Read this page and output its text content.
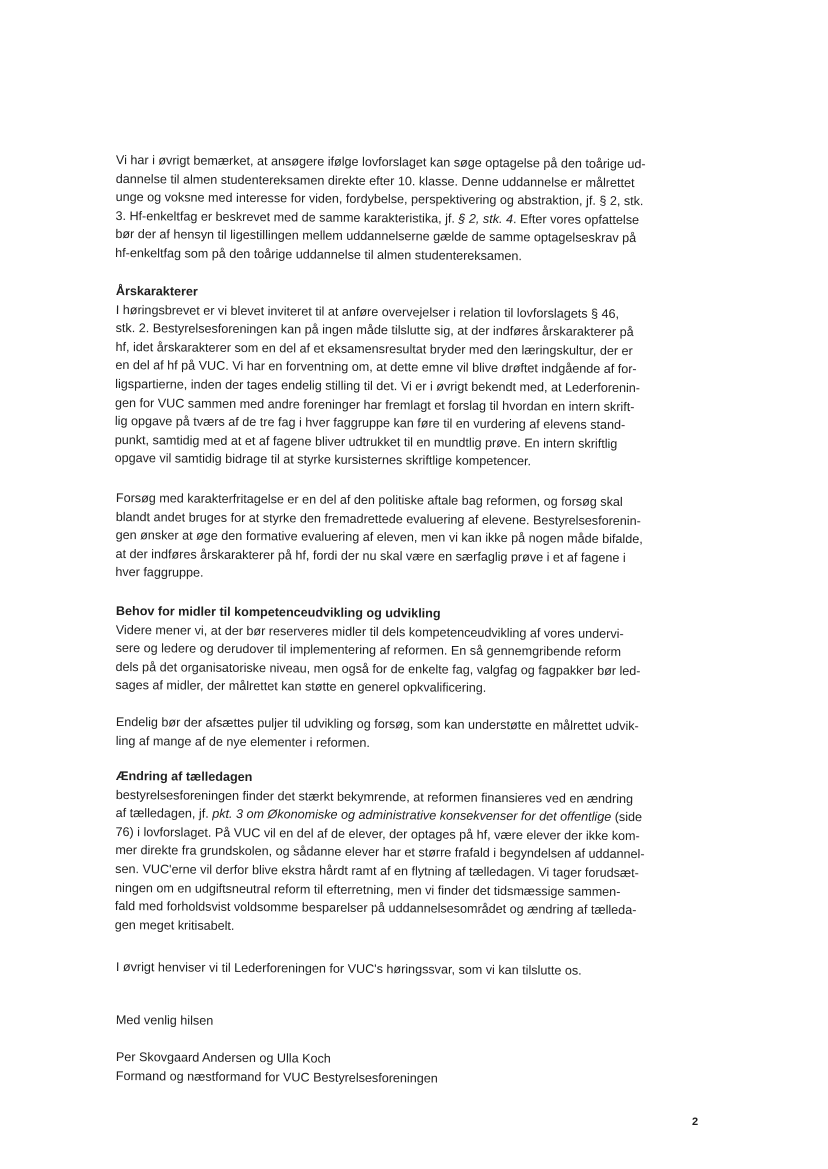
Vi har i øvrigt bemærket, at ansøgere ifølge lovforslaget kan søge optagelse på den toårige ud-
dannelse til almen studentereksamen direkte efter 10. klasse. Denne uddannelse er målrettet
unge og voksne med interesse for viden, fordybelse, perspektivering og abstraktion, jf. § 2, stk.
3. Hf-enkeltfag er beskrevet med de samme karakteristika, jf. § 2, stk. 4. Efter vores opfattelse
bør der af hensyn til ligestillingen mellem uddannelserne gælde de samme optagelseskrav på
hf-enkeltfag som på den toårige uddannelse til almen studentereksamen.
Årskarakterer
I høringsbrevet er vi blevet inviteret til at anføre overvejelser i relation til lovforslagets § 46,
stk. 2. Bestyrelsesforeningen kan på ingen måde tilslutte sig, at der indføres årskarakterer på
hf, idet årskarakterer som en del af et eksamensresultat bryder med den læringskultur, der er
en del af hf på VUC. Vi har en forventning om, at dette emne vil blive drøftet indgående af for-
ligspartierne, inden der tages endelig stilling til det. Vi er i øvrigt bekendt med, at Lederforenin-
gen for VUC sammen med andre foreninger har fremlagt et forslag til hvordan en intern skrift-
lig opgave på tværs af de tre fag i hver faggruppe kan føre til en vurdering af elevens stand-
punkt, samtidig med at et af fagene bliver udtrukket til en mundtlig prøve. En intern skriftlig
opgave vil samtidig bidrage til at styrke kursisternes skriftlige kompetencer.
Forsøg med karakterfritagelse er en del af den politiske aftale bag reformen, og forsøg skal
blandt andet bruges for at styrke den fremadrettede evaluering af elevene. Bestyrelsesforenin-
gen ønsker at øge den formative evaluering af eleven, men vi kan ikke på nogen måde bifalde,
at der indføres årskarakterer på hf, fordi der nu skal være en særfaglig prøve i et af fagene i
hver faggruppe.
Behov for midler til kompetenceudvikling og udvikling
Videre mener vi, at der bør reserveres midler til dels kompetenceudvikling af vores undervi-
sere og ledere og derudover til implementering af reformen. En så gennemgribende reform
dels på det organisatoriske niveau, men også for de enkelte fag, valgfag og fagpakker bør led-
sages af midler, der målrettet kan støtte en generel opkvalificering.
Endelig bør der afsættes puljer til udvikling og forsøg, som kan understøtte en målrettet udvik-
ling af mange af de nye elementer i reformen.
Ændring af tælledagen
bestyrelsesforeningen finder det stærkt bekymrende, at reformen finansieres ved en ændring
af tælledagen, jf. pkt. 3 om Økonomiske og administrative konsekvenser for det offentlige (side
76) i lovforslaget. På VUC vil en del af de elever, der optages på hf, være elever der ikke kom-
mer direkte fra grundskolen, og sådanne elever har et større frafald i begyndelsen af uddannel-
sen. VUC'erne vil derfor blive ekstra hårdt ramt af en flytning af tælledagen. Vi tager forudsæt-
ningen om en udgiftsneutral reform til efterretning, men vi finder det tidsmæssige sammen-
fald med forholdsvist voldsomme besparelser på uddannelsesområdet og ændring af tælleda-
gen meget kritisabelt.
I øvrigt henviser vi til Lederforeningen for VUC's høringssvar, som vi kan tilslutte os.
Med venlig hilsen
Per Skovgaard Andersen og Ulla Koch
Formand og næstformand for VUC Bestyrelsesforeningen
2
